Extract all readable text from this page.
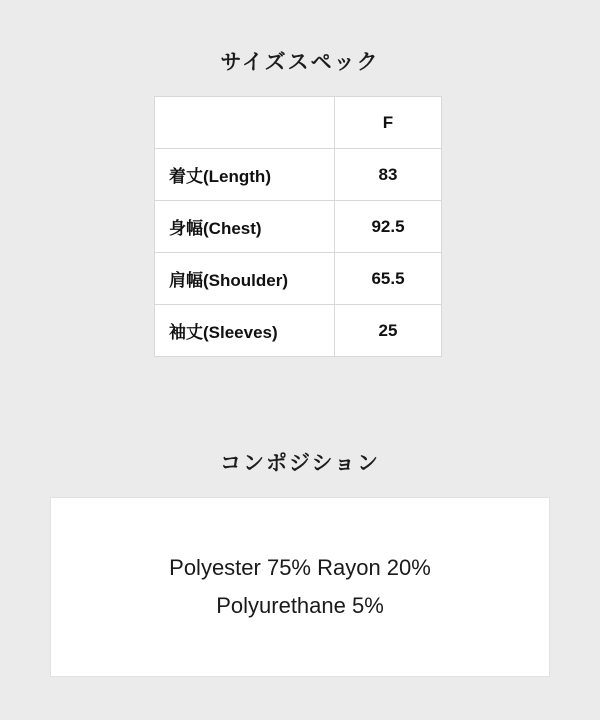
サイズスペック
	F
着丈(Length)	83
身幅(Chest)	92.5
肩幅(Shoulder)	65.5
袖丈(Sleeves)	25
コンポジション
Polyester 75% Rayon 20%
Polyurethane 5%
